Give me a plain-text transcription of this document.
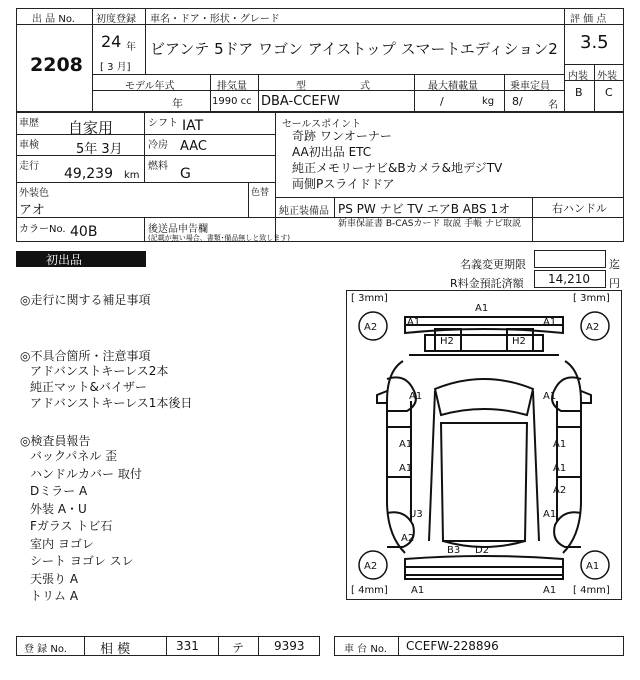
出 品 No.
2208
初度登録
24 年
[ 3 月]
車名・ドア・形状・グレード
ビアンテ 5ドア ワゴン アイストップ スマートエディション2
評 価 点
3.5
内装 外装
B C
モデル年式
年
排気量
1990 cc
型	式
DBA-CCEFW
最大積載量
/	kg
乗車定員
8/	名
車歴 自家用	シフト IAT
車検	5年 3月	冷房 AAC
走行 49,239 km
燃料 G
外装色
アオ
色替
カラーNo. 40B	後送品申告欄
(記載が無い場合、書類･備品無しと致します)
セールスポイント
奇跡 ワンオーナー
AA初出品 ETC
純正メモリーナビ&Bカメラ&地デジTV
両側Pスライドドア
純正装備品 PS PW ナビ TV エアB ABS 1オ	右ハンドル
新車保証書 B-CASカード 取説 手帳 ナビ取説
初出品	名義変更期限	迄
R料金預託済額 14,210 円
◎走行に関する補足事項
◎不具合箇所・注意事項
アドバンストキーレス2本
純正マット&バイザー
アドバンストキーレス1本後日
◎検査員報告
バックパネル 歪
ハンドルカバー 取付
Dミラー A
外装 A・U
Fガラス トビ石
室内 ヨゴレ
シート ヨゴレ スレ
天張り A
トリム A
[ 3mm]	[ 3mm]
[ 4mm]	[ 4mm]
A1
A2	A1	A1	A2
H2	H2
A1	A1
A1	A1
A1	A1
A2
U3	A1
A2
B3 D2
A2	A1
A1	A1
登 録 No.	相 模	331	テ 9393	車 台 No. CCEFW-228896
